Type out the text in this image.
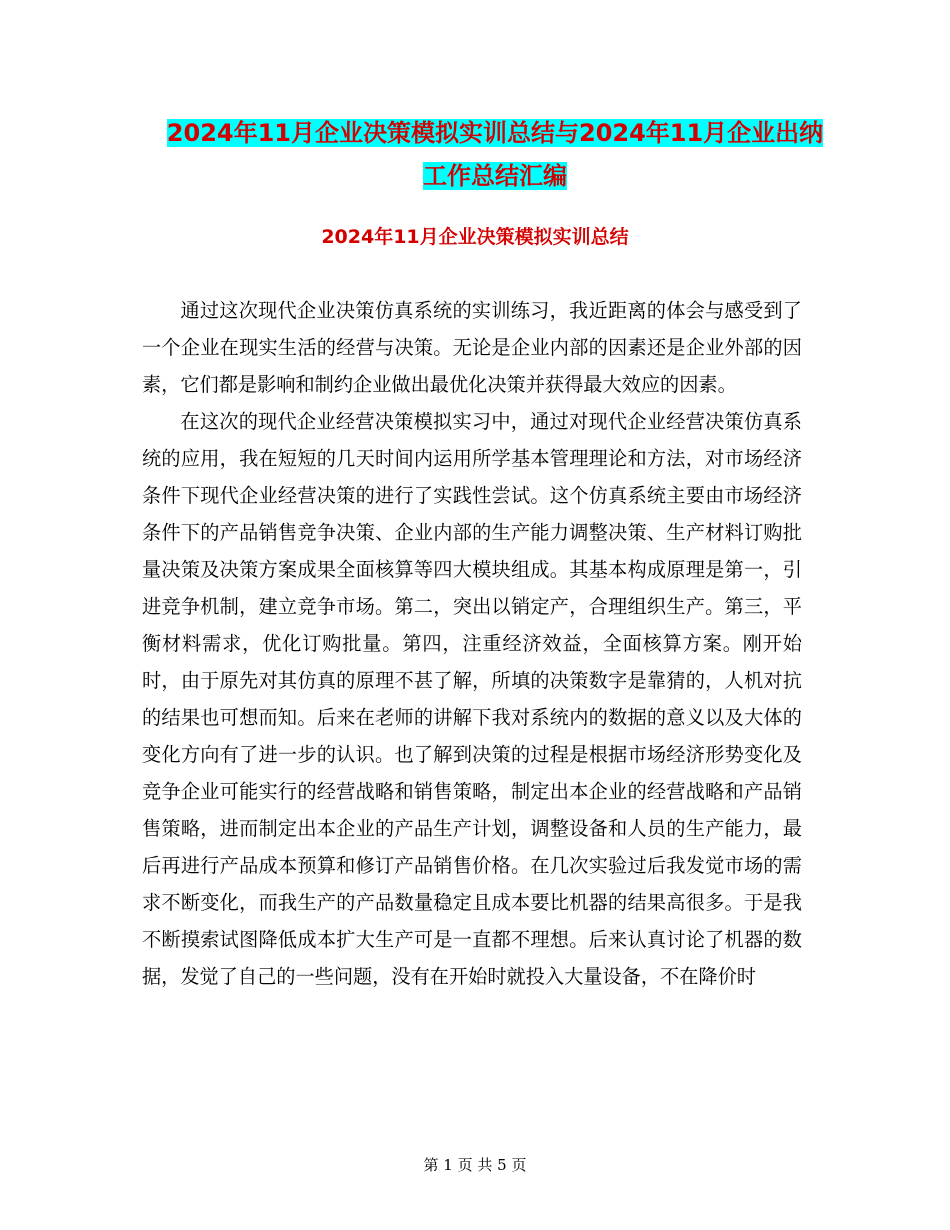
2024年11月企业决策模拟实训总结与2024年11月企业出纳工作总结汇编
2024年11月企业决策模拟实训总结

通过这次现代企业决策仿真系统的实训练习，我近距离的体会与感受到了一个企业在现实生活的经营与决策。无论是企业内部的因素还是企业外部的因素，它们都是影响和制约企业做出最优化决策并获得最大效应的因素。

在这次的现代企业经营决策模拟实习中，通过对现代企业经营决策仿真系统的应用，我在短短的几天时间内运用所学基本管理理论和方法，对市场经济条件下现代企业经营决策的进行了实践性尝试。这个仿真系统主要由市场经济条件下的产品销售竞争决策、企业内部的生产能力调整决策、生产材料订购批量决策及决策方案成果全面核算等四大模块组成。其基本构成原理是第一，引进竞争机制，建立竞争市场。第二，突出以销定产，合理组织生产。第三，平衡材料需求，优化订购批量。第四，注重经济效益，全面核算方案。刚开始时，由于原先对其仿真的原理不甚了解，所填的决策数字是靠猜的，人机对抗的结果也可想而知。后来在老师的讲解下我对系统内的数据的意义以及大体的变化方向有了进一步的认识。也了解到决策的过程是根据市场经济形势变化及竞争企业可能实行的经营战略和销售策略，制定出本企业的经营战略和产品销售策略，进而制定出本企业的产品生产计划，调整设备和人员的生产能力，最后再进行产品成本预算和修订产品销售价格。在几次实验过后我发觉市场的需求不断变化，而我生产的产品数量稳定且成本要比机器的结果高很多。于是我不断摸索试图降低成本扩大生产可是一直都不理想。后来认真讨论了机器的数据，发觉了自己的一些问题，没有在开始时就投入大量设备，不在降价时

第 1 页 共 5 页
